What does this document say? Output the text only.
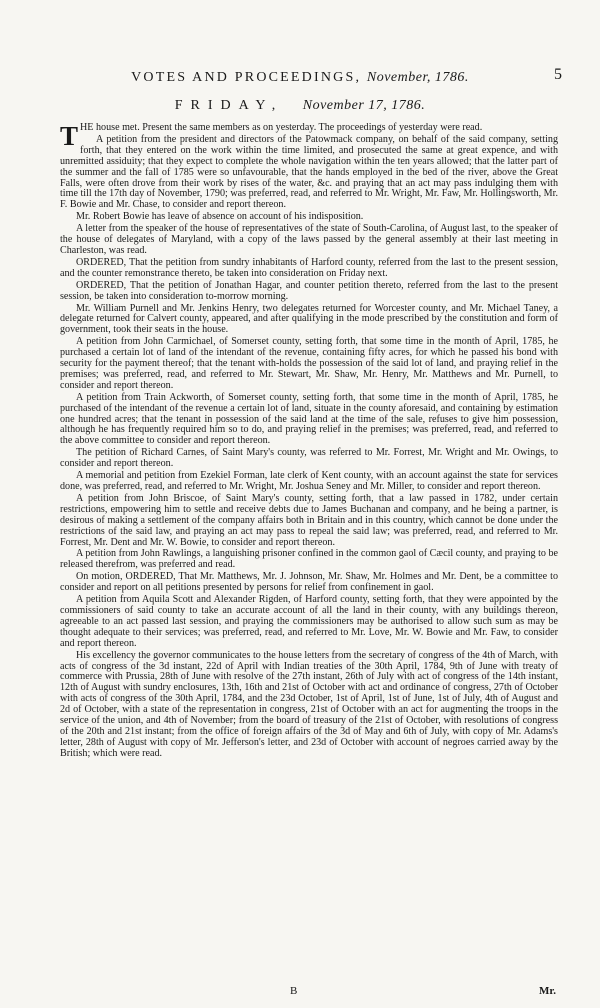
VOTES AND PROCEEDINGS, November, 1786.	5
FRIDAY, November 17, 1786.

THE house met. Present the same members as on yesterday. The proceedings of yesterday were read.

A petition from the president and directors of the Patowmack company, on behalf of the said company, setting forth, that they entered on the work within the time limited, and prosecuted the same at great expence, and with unremitted assiduity; that they expect to complete the whole navigation within the ten years allowed; that the latter part of the summer and the fall of 1785 were so unfavourable, that the hands employed in the bed of the river, above the Great Falls, were often drove from their work by rises of the water, &c. and praying that an act may pass indulging them with time till the 17th day of November, 1790; was preferred, read, and referred to Mr. Wright, Mr. Faw, Mr. Hollingsworth, Mr. F. Bowie and Mr. Chase, to consider and report thereon.

Mr. Robert Bowie has leave of absence on account of his indisposition.

A letter from the speaker of the house of representatives of the state of South-Carolina, of August last, to the speaker of the house of delegates of Maryland, with a copy of the laws passed by the general assembly at their last meeting in Charleston, was read.

ORDERED, That the petition from sundry inhabitants of Harford county, referred from the last to the present session, and the counter remonstrance thereto, be taken into consideration on Friday next.

ORDERED, That the petition of Jonathan Hagar, and counter petition thereto, referred from the last to the present session, be taken into consideration to-morrow morning.

Mr. William Purnell and Mr. Jenkins Henry, two delegates returned for Worcester county, and Mr. Michael Taney, a delegate returned for Calvert county, appeared, and after qualifying in the mode prescribed by the constitution and form of government, took their seats in the house.

A petition from John Carmichael, of Somerset county, setting forth, that some time in the month of April, 1785, he purchased a certain lot of land of the intendant of the revenue, containing fifty acres, for which he passed his bond with security for the payment thereof; that the tenant with-holds the possession of the said lot of land, and praying relief in the premises; was preferred, read, and referred to Mr. Stewart, Mr. Shaw, Mr. Henry, Mr. Matthews and Mr. Purnell, to consider and report thereon.

A petition from Train Ackworth, of Somerset county, setting forth, that some time in the month of April, 1785, he purchased of the intendant of the revenue a certain lot of land, situate in the county aforesaid, and containing by estimation one hundred acres; that the tenant in possession of the said land at the time of the sale, refuses to give him possession, although he has frequently required him so to do, and praying relief in the premises; was preferred, read, and referred to the above committee to consider and report thereon.

The petition of Richard Carnes, of Saint Mary's county, was referred to Mr. Forrest, Mr. Wright and Mr. Owings, to consider and report thereon.

A memorial and petition from Ezekiel Forman, late clerk of Kent county, with an account against the state for services done, was preferred, read, and referred to Mr. Wright, Mr. Joshua Seney and Mr. Miller, to consider and report thereon.

A petition from John Briscoe, of Saint Mary's county, setting forth, that a law passed in 1782, under certain restrictions, empowering him to settle and receive debts due to James Buchanan and company, and he being a partner, is desirous of making a settlement of the company affairs both in Britain and in this country, which cannot be done under the restrictions of the said law, and praying an act may pass to repeal the said law; was preferred, read, and referred to Mr. Forrest, Mr. Dent and Mr. W. Bowie, to consider and report thereon.

A petition from John Rawlings, a languishing prisoner confined in the common gaol of Cæcil county, and praying to be released therefrom, was preferred and read.

On motion, ORDERED, That Mr. Matthews, Mr. J. Johnson, Mr. Shaw, Mr. Holmes and Mr. Dent, be a committee to consider and report on all petitions presented by persons for relief from confinement in gaol.

A petition from Aquila Scott and Alexander Rigden, of Harford county, setting forth, that they were appointed by the commissioners of said county to take an accurate account of all the land in their county, with any buildings thereon, agreeable to an act passed last session, and praying the commissioners may be authorised to allow such sum as may be thought adequate to their services; was preferred, read, and referred to Mr. Love, Mr. W. Bowie and Mr. Faw, to consider and report thereon.

His excellency the governor communicates to the house letters from the secretary of congress of the 4th of March, with acts of congress of the 3d instant, 22d of April with Indian treaties of the 30th April, 1784, 9th of June with treaty of commerce with Prussia, 28th of June with resolve of the 27th instant, 26th of July with act of congress of the 14th instant, 12th of August with sundry enclosures, 13th, 16th and 21st of October with act and ordinance of congress, 27th of October with acts of congress of the 30th April, 1784, and the 23d October, 1st of April, 1st of June, 1st of July, 4th of August and 2d of October, with a state of the representation in congress, 21st of October with an act for augmenting the troops in the service of the union, and 4th of November; from the board of treasury of the 21st of October, with resolutions of congress of the 20th and 21st instant; from the office of foreign affairs of the 3d of May and 6th of July, with copy of Mr. Adams's letter, 28th of August with copy of Mr. Jefferson's letter, and 23d of October with account of negroes carried away by the British; which were read.

B	Mr.
